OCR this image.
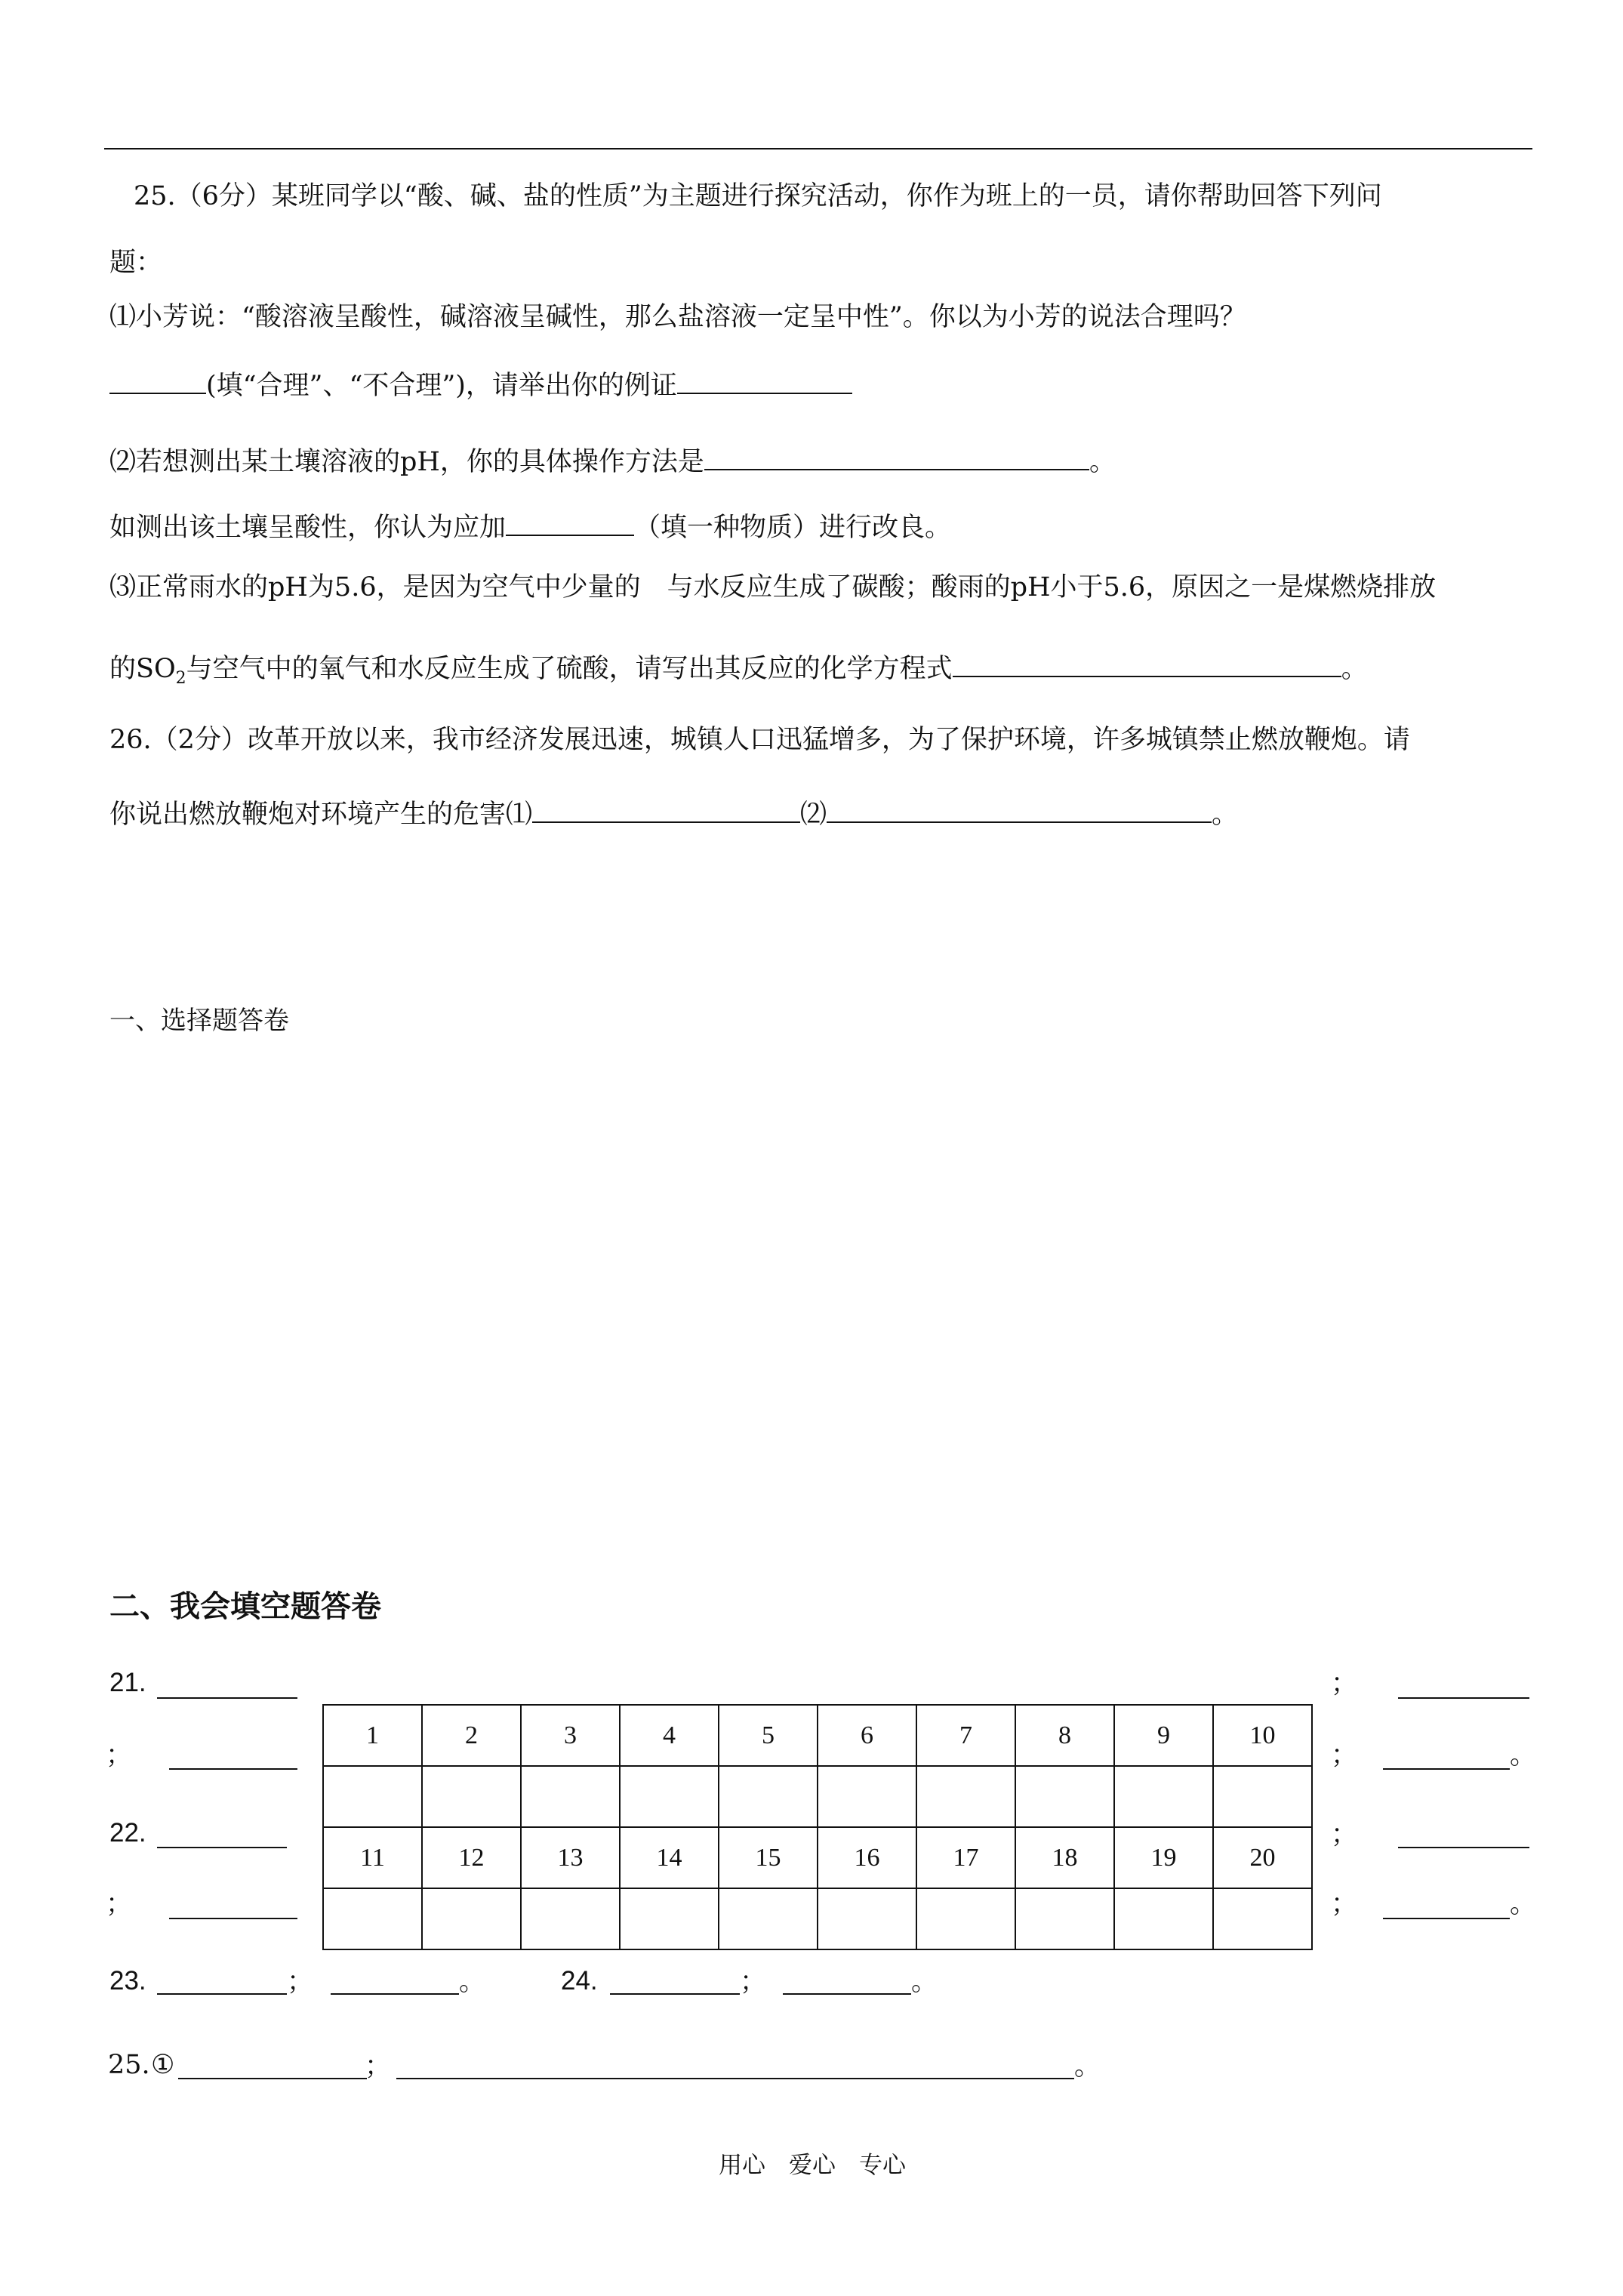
25.（6分）某班同学以“酸、碱、盐的性质”为主题进行探究活动，你作为班上的一员，请你帮助回答下列问
题：
⑴小芳说：“酸溶液呈酸性，碱溶液呈碱性，那么盐溶液一定呈中性”。你以为小芳的说法合理吗？
(填“合理”、“不合理”)，请举出你的例证
⑵若想测出某土壤溶液的pH，你的具体操作方法是	。
如测出该土壤呈酸性，你认为应加	（填一种物质）进行改良。
⑶正常雨水的pH为5.6，是因为空气中少量的　与水反应生成了碳酸；酸雨的pH小于5.6，原因之一是煤燃烧排放
的$SO_2$与空气中的氧气和水反应生成了硫酸，请写出其反应的化学方程式	。
26.（2分）改革开放以来，我市经济发展迅速，城镇人口迅猛增多，为了保护环境，许多城镇禁止燃放鞭炮。请
你说出燃放鞭炮对环境产生的危害⑴	⑵	。
一、选择题答卷
二、我会填空题答卷
21.	；
；	；	。
22.	；
；	；	。
1	2	3	4	5	6	7	8	9	10

11	12	13	14	15	16	17	18	19	20

23.	；	。	24.	；	。
25. ①	；	。
用心　爱心　专心
